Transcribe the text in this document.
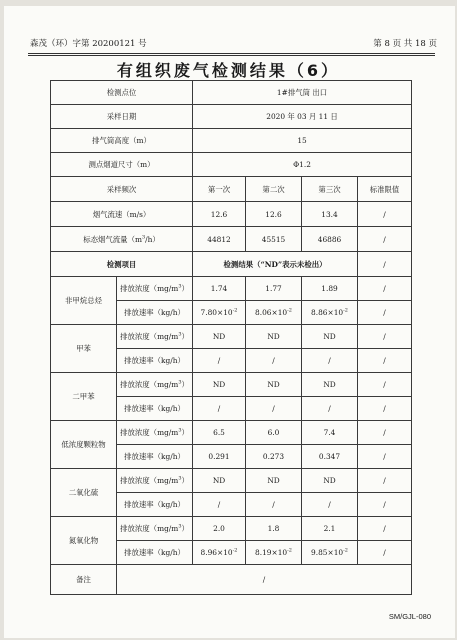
森茂（环）字第 20200121 号	第 8 页 共 18 页
有组织废气检测结果（6）
检测点位		1#排气筒 出口			
采样日期		2020 年 03 月 11 日			
排气筒高度（m）		15			
测点烟道尺寸（m）		Φ1.2			
采样频次		第一次	第二次	第三次	标准限值
烟气流速（m/s）		12.6	12.6	13.4	/
标态烟气流量$(m^3/h)$		44812	45515	46886	/
检测项目		检测结果（“ND”表示未检出）			/
非甲烷总烃	排放浓度$(mg/m^3)$	1.74	1.77	1.89	/
	排放速率（kg/h）	$7.80\times 10^{-2}$	$8.06\times 10^{-2}$	$8.86\times 10^{-2}$	/
甲苯	排放浓度$(mg/m^3)$	ND	ND	ND	/
	排放速率（kg/h）	/	/	/	/
二甲苯	排放浓度$(mg/m^3)$	ND	ND	ND	/
	排放速率（kg/h）	/	/	/	/
低浓度颗粒物	排放浓度$(mg/m^3)$	6.5	6.0	7.4	/
	排放速率（kg/h）	0.291	0.273	0.347	/
二氧化硫	排放浓度$(mg/m^3)$	ND	ND	ND	/
	排放速率（kg/h）	/	/	/	/
氮氧化物	排放浓度$(mg/m^3)$	2.0	1.8	2.1	/
	排放速率（kg/h）	$8.96\times 10^{-2}$	$8.19\times 10^{-2}$	$9.85\times 10^{-2}$	/
备注	/				
SM/GJL-080
